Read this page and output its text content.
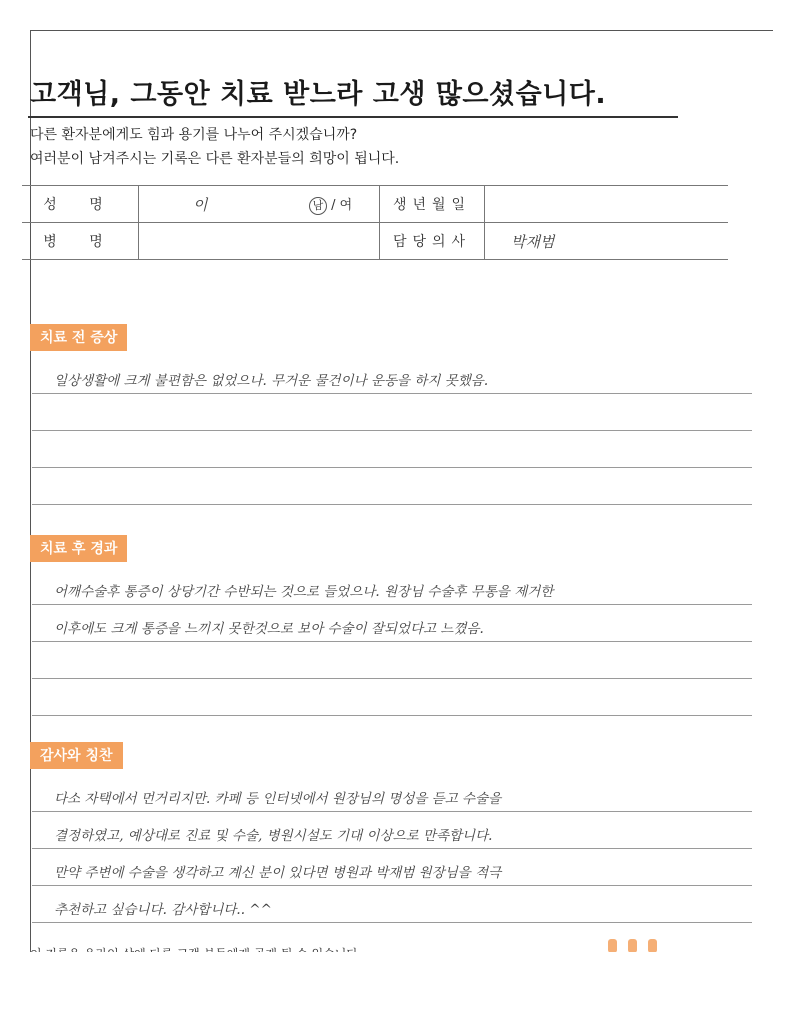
고객님, 그동안 치료 받느라 고생 많으셨습니다.
다른 환자분에게도 힘과 용기를 나누어 주시겠습니까?
여러분이 남겨주시는 기록은 다른 환자분들의 희망이 됩니다.
성 명	이 남 / 여	생년월일	
병 명		담당의사	박재범
치료 전 증상
일상생활에 크게 불편함은 없었으나. 무거운 물건이나 운동을 하지 못했음.
치료 후 경과
어깨수술후 통증이 상당기간 수반되는 것으로 들었으나. 원장님 수술후 무통을 제거한
이후에도 크게 통증을 느끼지 못한것으로 보아 수술이 잘되었다고 느꼈음.
감사와 칭찬
다소 자택에서 먼거리지만. 카페 등 인터넷에서 원장님의 명성을 듣고 수술을
결정하였고, 예상대로 진료 및 수술, 병원시설도 기대 이상으로 만족합니다.
만약 주변에 수술을 생각하고 계신 분이 있다면 병원과 박재범 원장님을 적극
추천하고 싶습니다. 감사합니다.. ^^
